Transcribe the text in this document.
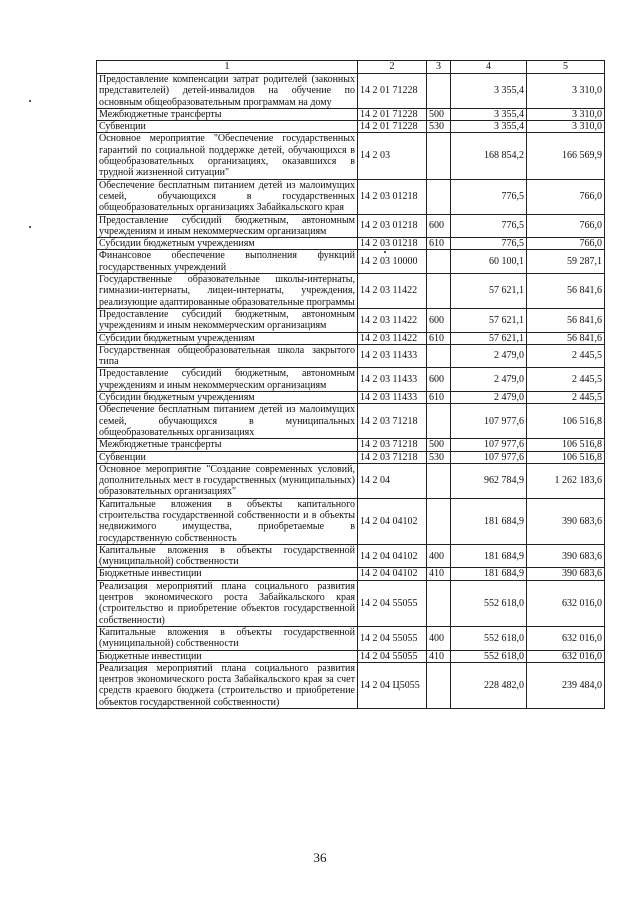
1	2	3	4	5
Предоставление компенсации затрат родителей (законных представителей) детей-инвалидов на обучение по основным общеобразовательным программам на дому	14 2 01 71228		3 355,4	3 310,0
Межбюджетные трансферты	14 2 01 71228	500	3 355,4	3 310,0
Субвенции	14 2 01 71228	530	3 355,4	3 310,0
Основное мероприятие "Обеспечение государственных гарантий по социальной поддержке детей, обучающихся в общеобразовательных организациях, оказавшихся в трудной жизненной ситуации"	14 2 03		168 854,2	166 569,9
Обеспечение бесплатным питанием детей из малоимущих семей, обучающихся в государственных общеобразовательных организациях Забайкальского края	14 2 03 01218		776,5	766,0
Предоставление субсидий бюджетным, автономным учреждениям и иным некоммерческим организациям	14 2 03 01218	600	776,5	766,0
Субсидии бюджетным учреждениям	14 2 03 01218	610	776,5	766,0
Финансовое обеспечение выполнения функций государственных учреждений	14 2 03 10000		60 100,1	59 287,1
Государственные образовательные школы-интернаты, гимназии-интернаты, лицеи-интернаты, учреждения, реализующие адаптированные образовательные программы	14 2 03 11422		57 621,1	56 841,6
Предоставление субсидий бюджетным, автономным учреждениям и иным некоммерческим организациям	14 2 03 11422	600	57 621,1	56 841,6
Субсидии бюджетным учреждениям	14 2 03 11422	610	57 621,1	56 841,6
Государственная общеобразовательная школа закрытого типа	14 2 03 11433		2 479,0	2 445,5
Предоставление субсидий бюджетным, автономным учреждениям и иным некоммерческим организациям	14 2 03 11433	600	2 479,0	2 445,5
Субсидии бюджетным учреждениям	14 2 03 11433	610	2 479,0	2 445,5
Обеспечение бесплатным питанием детей из малоимущих семей, обучающихся в муниципальных общеобразовательных организациях	14 2 03 71218		107 977,6	106 516,8
Межбюджетные трансферты	14 2 03 71218	500	107 977,6	106 516,8
Субвенции	14 2 03 71218	530	107 977,6	106 516,8
Основное мероприятие "Создание современных условий, дополнительных мест в государственных (муниципальных) образовательных организациях"	14 2 04		962 784,9	1 262 183,6
Капитальные вложения в объекты капитального строительства государственной собственности и в объекты недвижимого имущества, приобретаемые в государственную собственность	14 2 04 04102		181 684,9	390 683,6
Капитальные вложения в объекты государственной (муниципальной) собственности	14 2 04 04102	400	181 684,9	390 683,6
Бюджетные инвестиции	14 2 04 04102	410	181 684,9	390 683,6
Реализация мероприятий плана социального развития центров экономического роста Забайкальского края (строительство и приобретение объектов государственной собственности)	14 2 04 55055		552 618,0	632 016,0
Капитальные вложения в объекты государственной (муниципальной) собственности	14 2 04 55055	400	552 618,0	632 016,0
Бюджетные инвестиции	14 2 04 55055	410	552 618,0	632 016,0
Реализация мероприятий плана социального развития центров экономического роста Забайкальского края за счет средств краевого бюджета (строительство и приобретение объектов государственной собственности)	14 2 04 Ц5055		228 482,0	239 484,0
36
